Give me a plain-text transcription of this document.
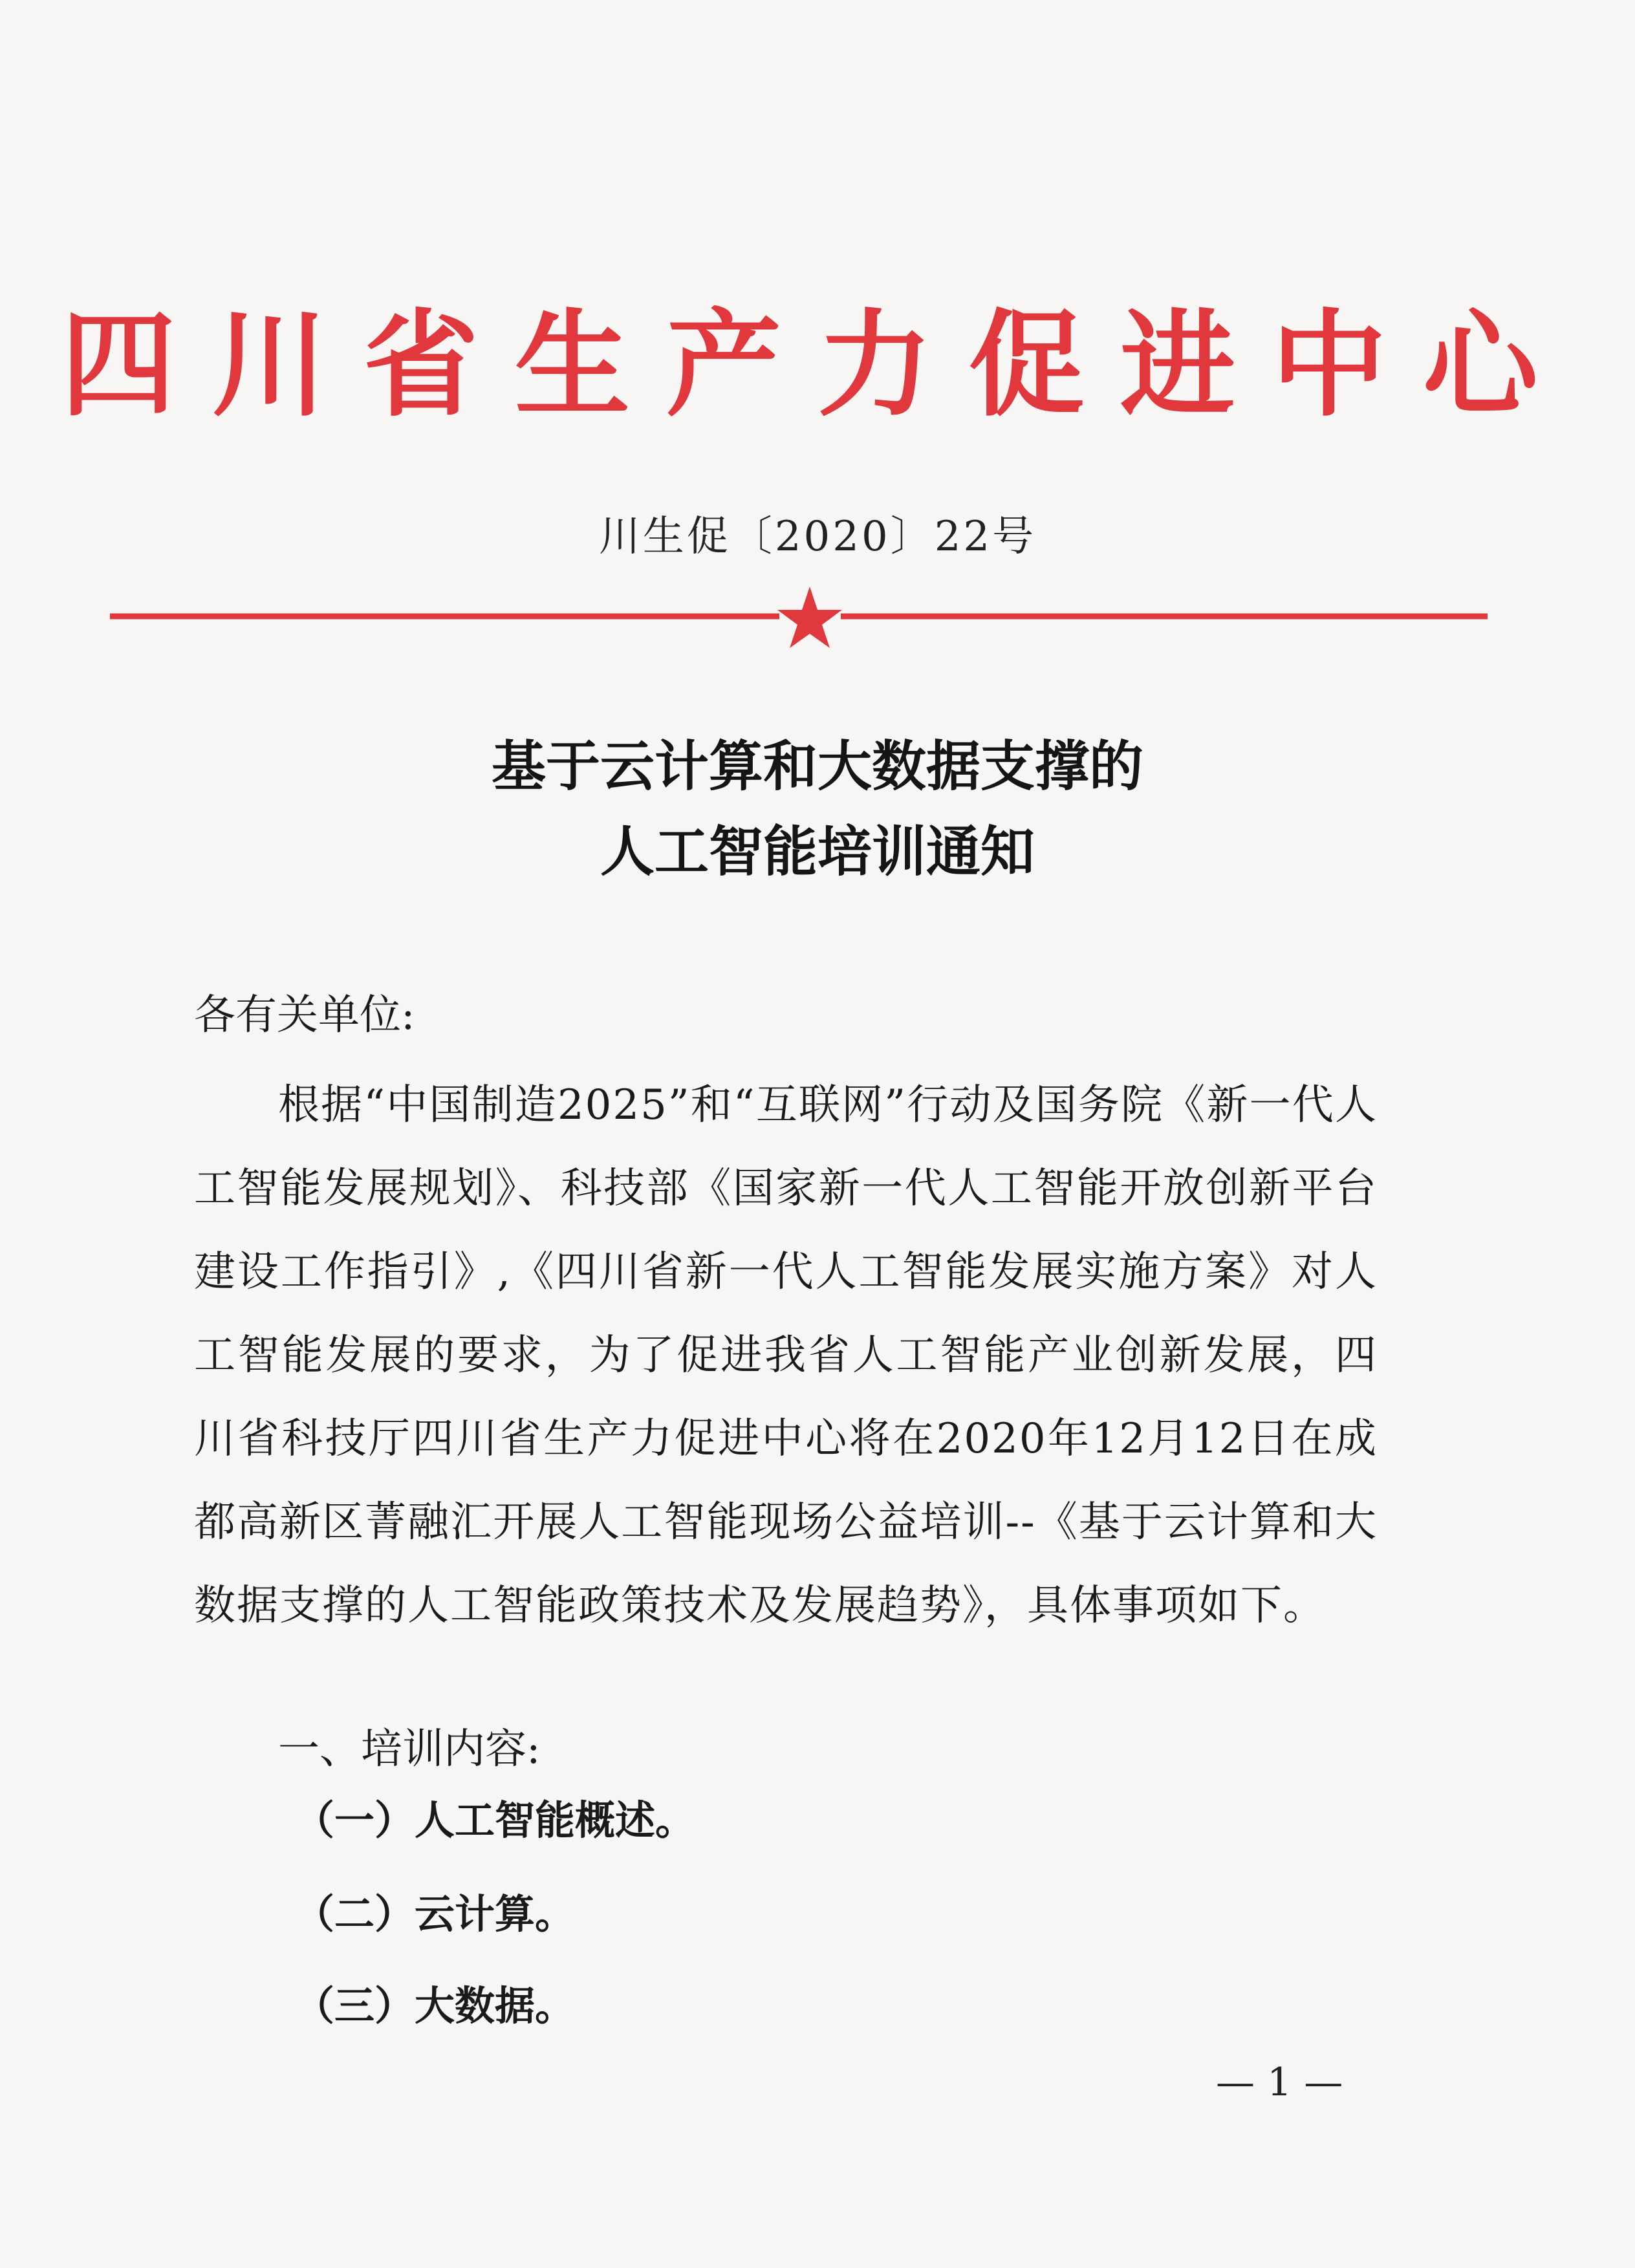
四川省生产力促进中心
川生促〔2020〕22号
基于云计算和大数据支撑的
人工智能培训通知
各有关单位:
根据“中国制造2025”和“互联网”行动及国务院《新一代人工智能发展规划》、科技部《国家新一代人工智能开放创新平台建设工作指引》,《四川省新一代人工智能发展实施方案》对人工智能发展的要求，为了促进我省人工智能产业创新发展，四川省科技厅四川省生产力促进中心将在2020年12月12日在成都高新区菁融汇开展人工智能现场公益培训--《基于云计算和大数据支撑的人工智能政策技术及发展趋势》，具体事项如下。
一、培训内容:
（一）人工智能概述。
（二）云计算。
（三）大数据。
— 1 —
